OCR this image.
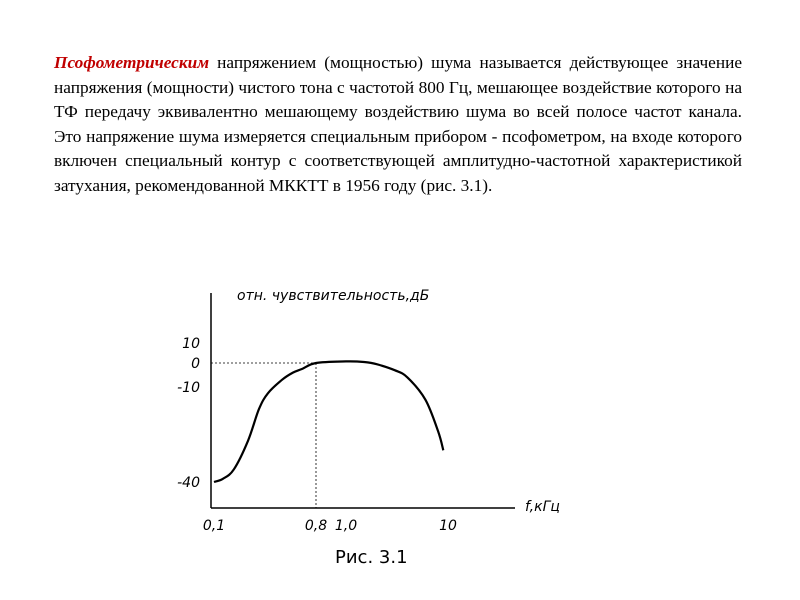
Псофометрическим напряжением (мощностью) шума называется действующее значение напряжения (мощности) чистого тона с частотой 800 Гц, мешающее воздействие которого на ТФ передачу эквивалентно мешающему воздействию шума во всей полосе частот канала. Это напряжение шума измеряется специальным прибором - псофометром, на входе которого включен специальный контур с соответствующей амплитудно-частотной характеристикой затухания, рекомендованной МККТТ в 1956 году (рис. 3.1).
отн. чувствительность,дБ
f,кГц
10
0
-10
-40
0,1	0,8 1,0	10
Рис. 3.1
